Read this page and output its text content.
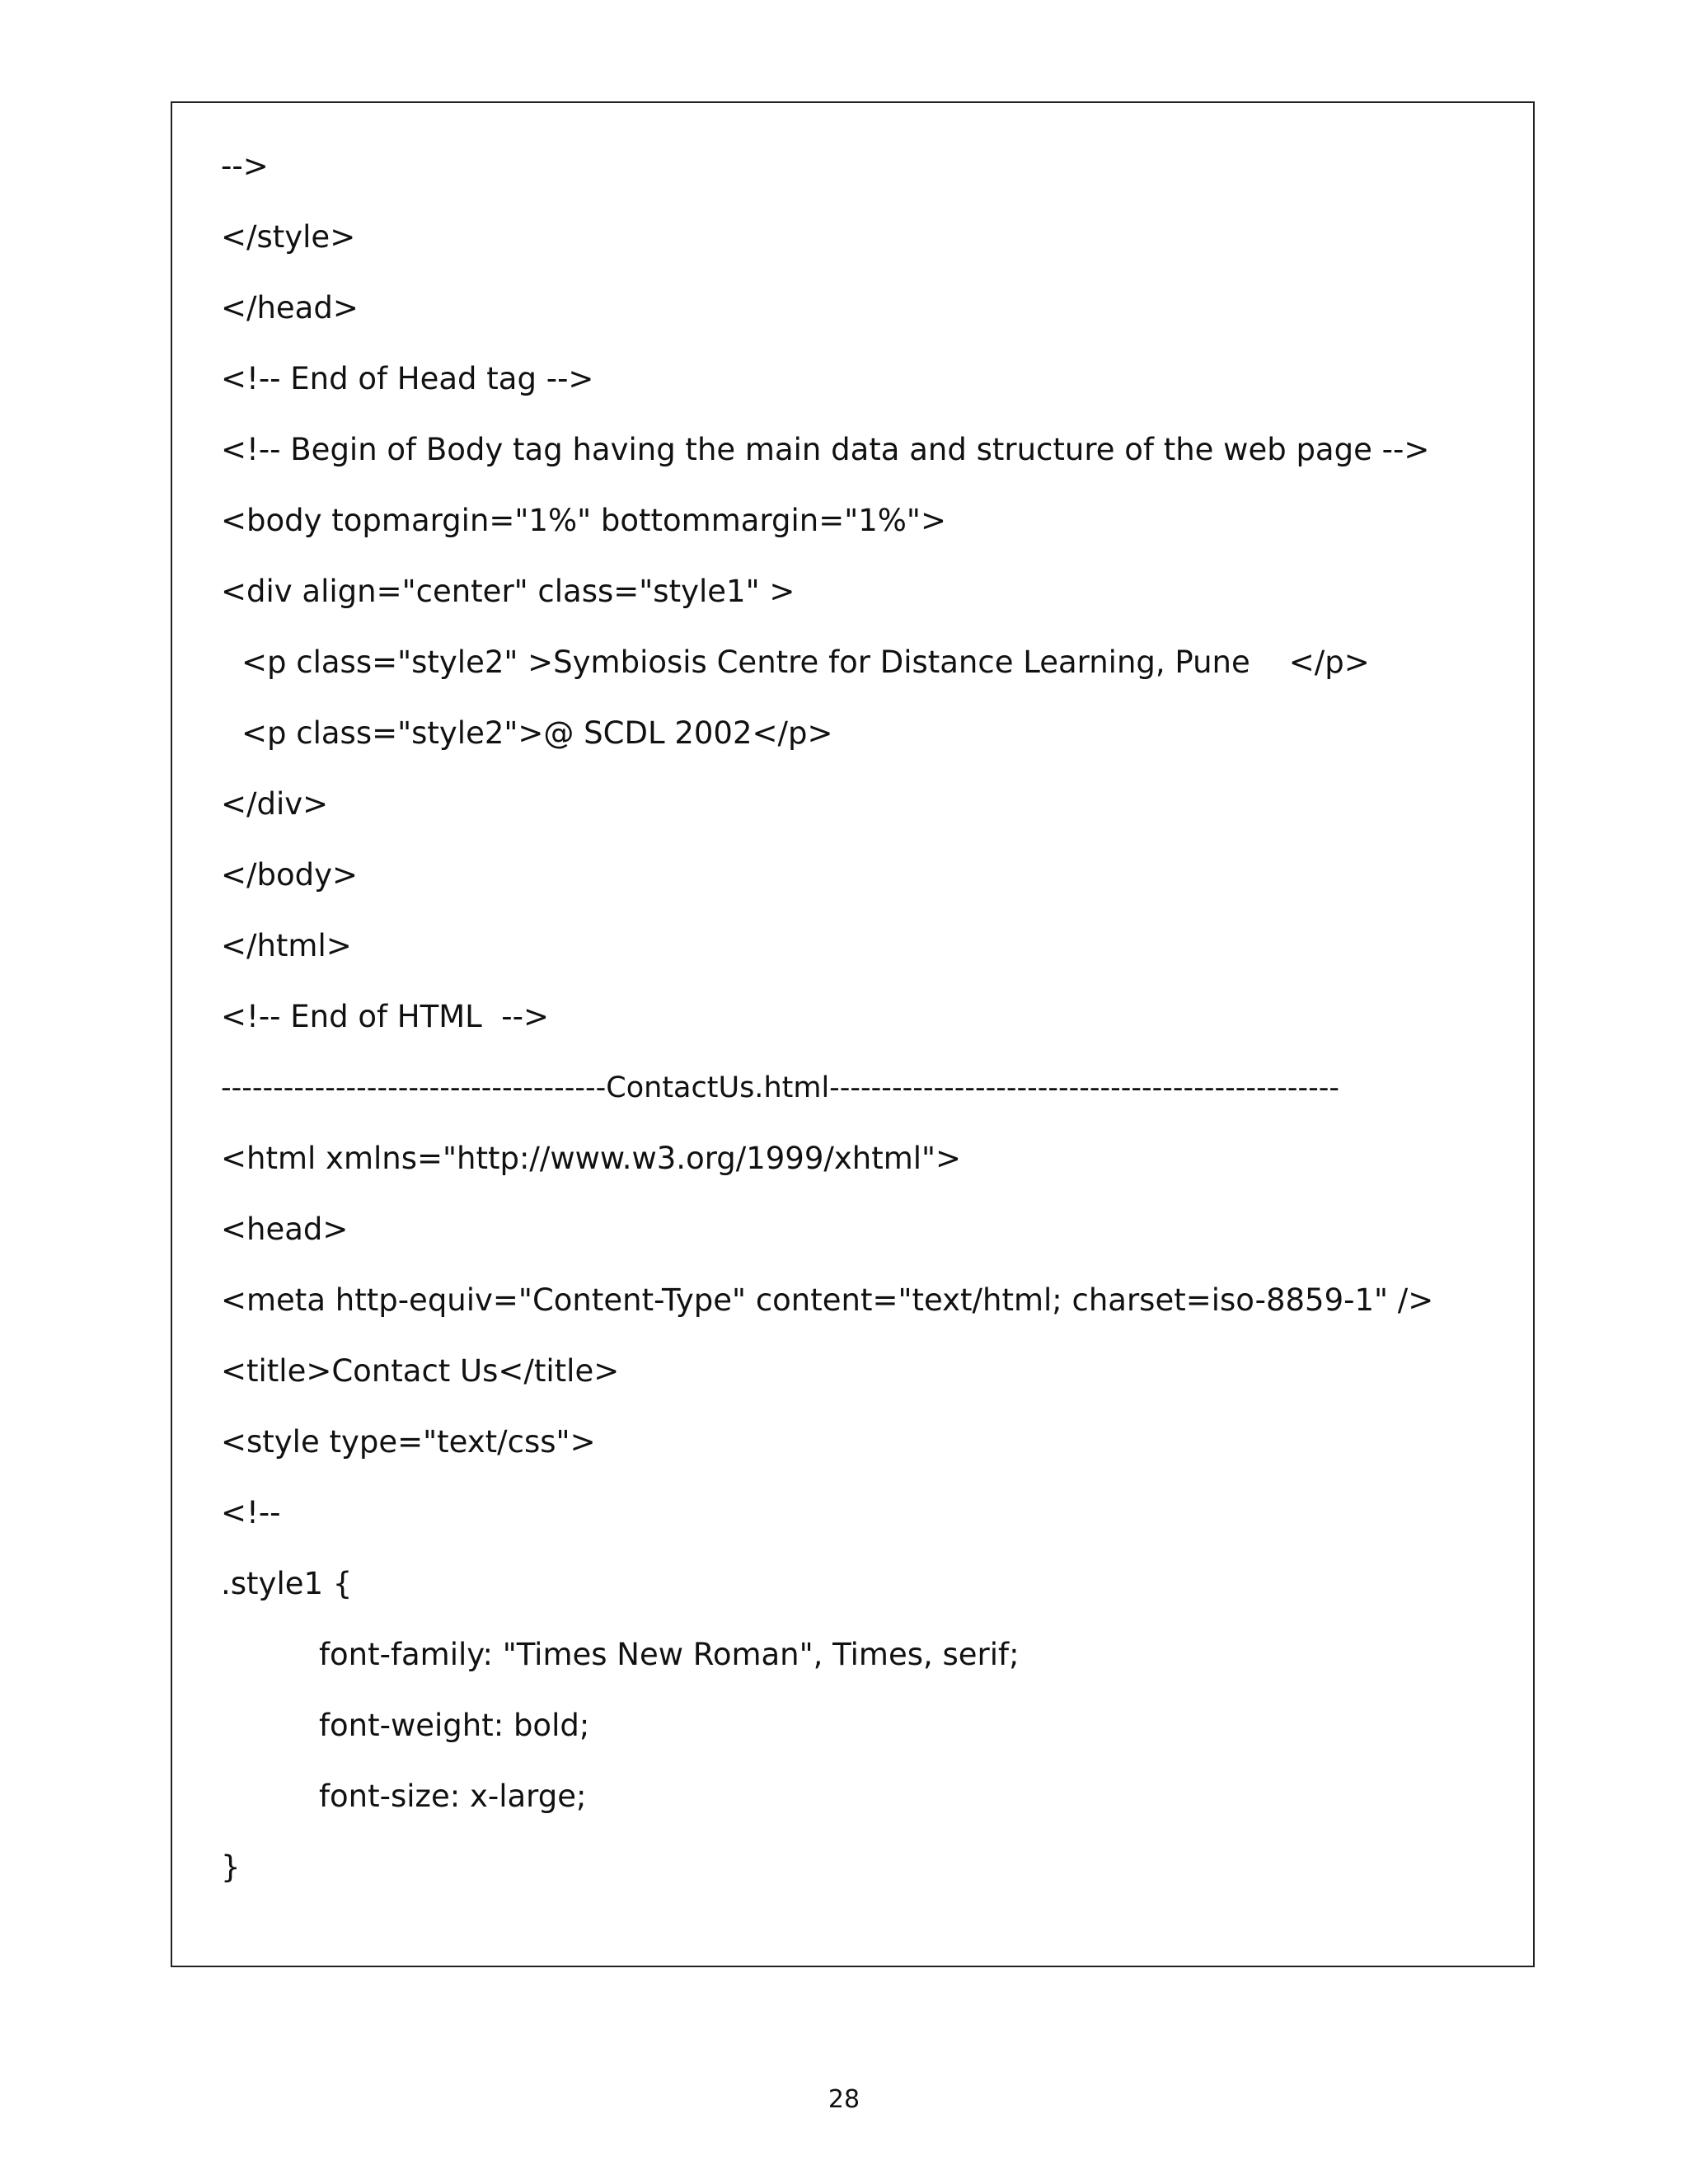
-->
</style>
</head>
<!-- End of Head tag -->
<!-- Begin of Body tag having the main data and structure of the web page -->
<body topmargin="1%" bottommargin="1%">
<div align="center" class="style1" >
<p class="style2" >Symbiosis Centre for Distance Learning, Pune    </p>
<p class="style2">@ SCDL 2002</p>
</div>
</body>
</html>
<!-- End of HTML  -->
-------------------------------------ContactUs.html-------------------------------------------------
<html xmlns="http://www.w3.org/1999/xhtml">
<head>
<meta http-equiv="Content-Type" content="text/html; charset=iso-8859-1" />
<title>Contact Us</title>
<style type="text/css">
<!--
.style1 {
font-family: "Times New Roman", Times, serif;
font-weight: bold;
font-size: x-large;
}
28
